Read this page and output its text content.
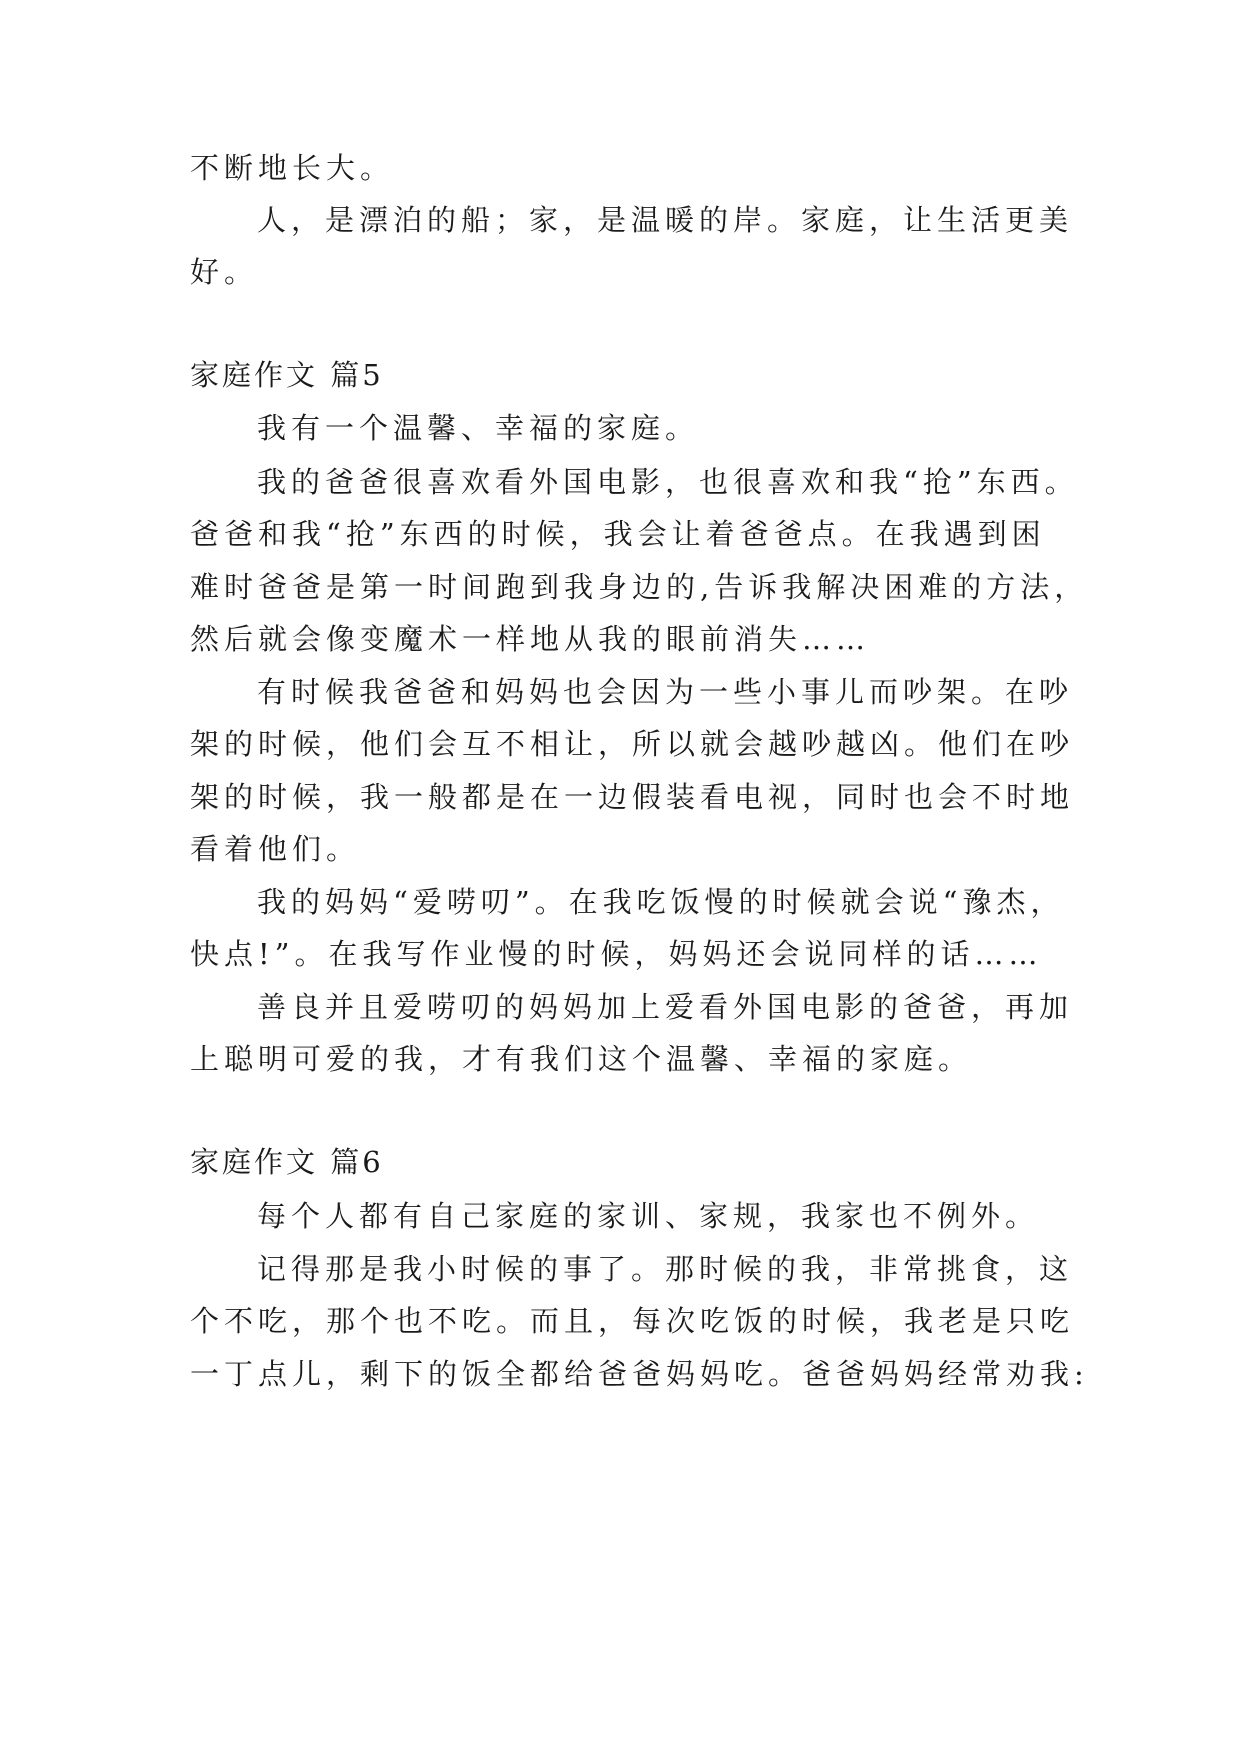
不断地长大。
人，是漂泊的船；家，是温暖的岸。家庭，让生活更美
好。
家庭作文 篇5
我有一个温馨、幸福的家庭。
我的爸爸很喜欢看外国电影，也很喜欢和我“抢”东西。
爸爸和我“抢”东西的时候，我会让着爸爸点。在我遇到困
难时爸爸是第一时间跑到我身边的,告诉我解决困难的方法，
然后就会像变魔术一样地从我的眼前消失……
有时候我爸爸和妈妈也会因为一些小事儿而吵架。在吵
架的时候，他们会互不相让，所以就会越吵越凶。他们在吵
架的时候，我一般都是在一边假装看电视，同时也会不时地
看着他们。
我的妈妈“爱唠叨”。在我吃饭慢的时候就会说“豫杰，
快点!”。在我写作业慢的时候，妈妈还会说同样的话……
善良并且爱唠叨的妈妈加上爱看外国电影的爸爸，再加
上聪明可爱的我，才有我们这个温馨、幸福的家庭。
家庭作文 篇6
每个人都有自己家庭的家训、家规，我家也不例外。
记得那是我小时候的事了。那时候的我，非常挑食，这
个不吃，那个也不吃。而且，每次吃饭的时候，我老是只吃
一丁点儿，剩下的饭全都给爸爸妈妈吃。爸爸妈妈经常劝我:
